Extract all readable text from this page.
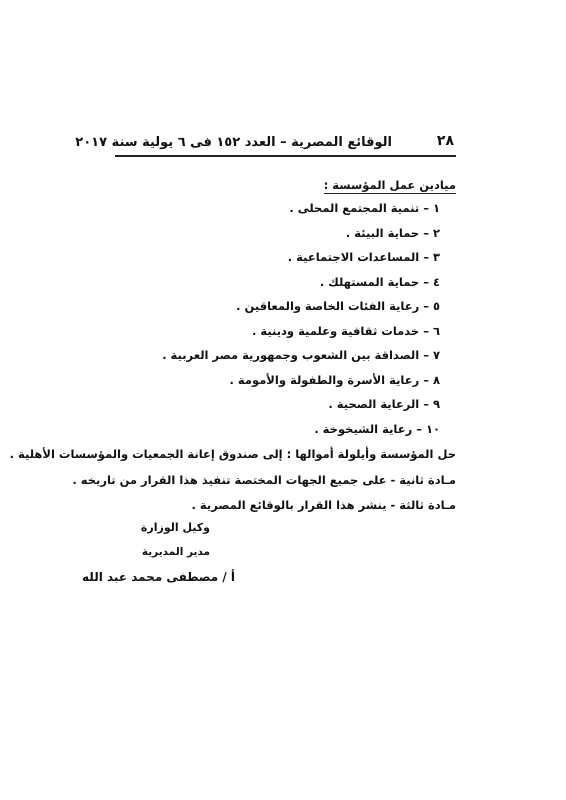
الوقائع المصرية – العدد ١٥٢ فى ٦ يولية سنة ٢٠١٧	٢٨
ميادين عمل المؤسسة :
١ – تنمية المجتمع المحلى .
٢ – حماية البيئة .
٣ – المساعدات الاجتماعية .
٤ – حماية المستهلك .
٥ – رعاية الفئات الخاصة والمعاقين .
٦ – خدمات ثقافية وعلمية ودينية .
٧ – الصداقة بين الشعوب وجمهورية مصر العربية .
٨ – رعاية الأسرة والطفولة والأمومة .
٩ – الرعاية الصحية .
١٠ – رعاية الشيخوخة .
حل المؤسسة وأيلولة أموالها : إلى صندوق إعانة الجمعيات والمؤسسات الأهلية .
مـادة ثانية - على جميع الجهات المختصة تنفيذ هذا القرار من تاريخه .
مـادة ثالثة - ينشر هذا القرار بالوقائع المصرية .
وكيل الوزارة
مدير المديرية
أ / مصطفى محمد عبد الله
